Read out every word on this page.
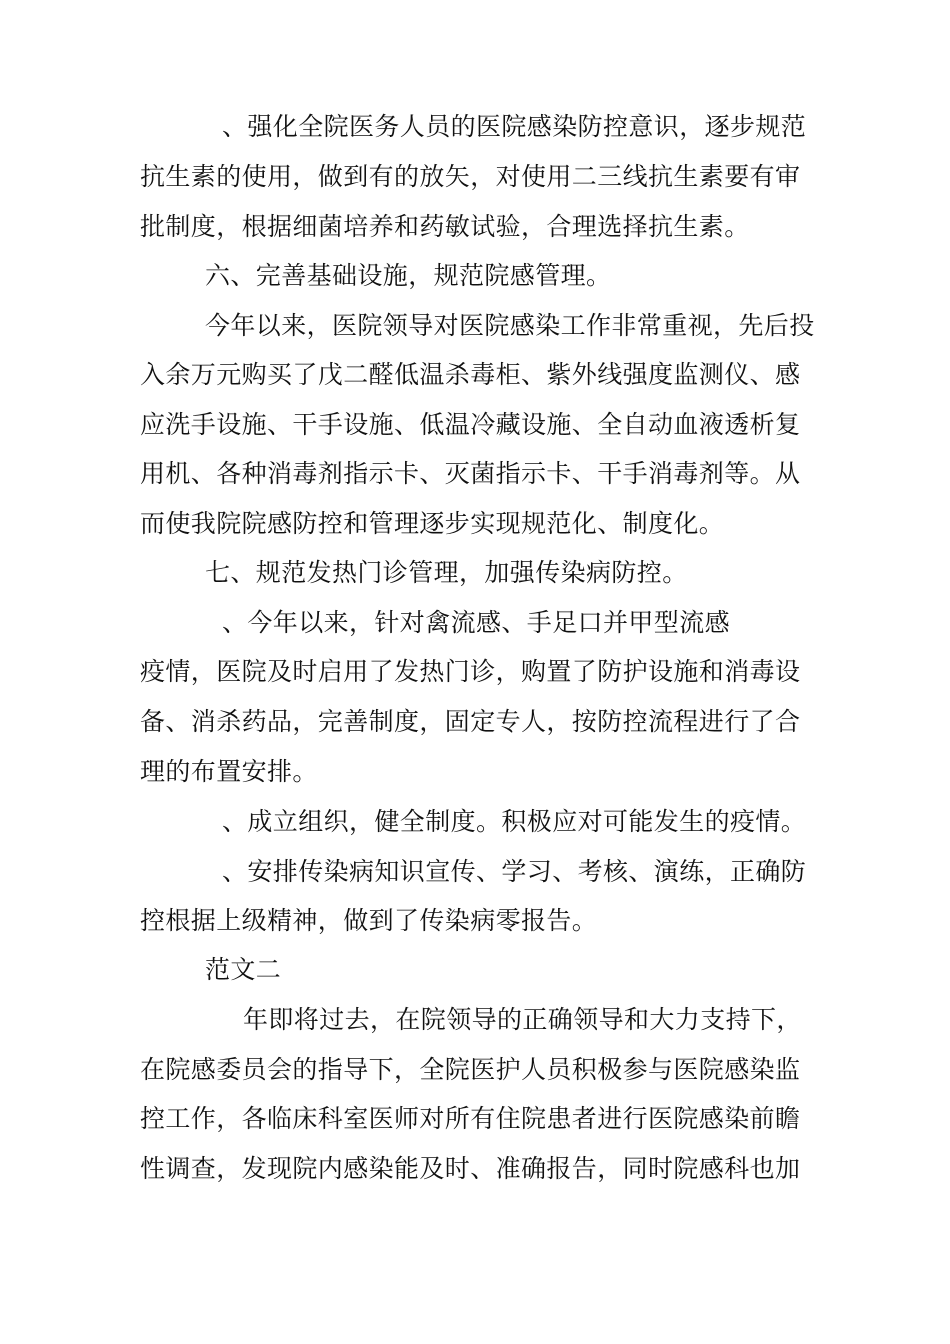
、强化全院医务人员的医院感染防控意识，逐步规范

抗生素的使用，做到有的放矢，对使用二三线抗生素要有审

批制度，根据细菌培养和药敏试验，合理选择抗生素。

六、完善基础设施，规范院感管理。

今年以来，医院领导对医院感染工作非常重视，先后投

入余万元购买了戊二醛低温杀毒柜、紫外线强度监测仪、感

应洗手设施、干手设施、低温冷藏设施、全自动血液透析复

用机、各种消毒剂指示卡、灭菌指示卡、干手消毒剂等。从

而使我院院感防控和管理逐步实现规范化、制度化。

七、规范发热门诊管理，加强传染病防控。

、今年以来，针对禽流感、手足口并甲型流感

疫情，医院及时启用了发热门诊，购置了防护设施和消毒设

备、消杀药品，完善制度，固定专人，按防控流程进行了合

理的布置安排。

、成立组织，健全制度。积极应对可能发生的疫情。

、安排传染病知识宣传、学习、考核、演练，正确防

控根据上级精神，做到了传染病零报告。

范文二

年即将过去，在院领导的正确领导和大力支持下，

在院感委员会的指导下，全院医护人员积极参与医院感染监

控工作，各临床科室医师对所有住院患者进行医院感染前瞻

性调查，发现院内感染能及时、准确报告，同时院感科也加
